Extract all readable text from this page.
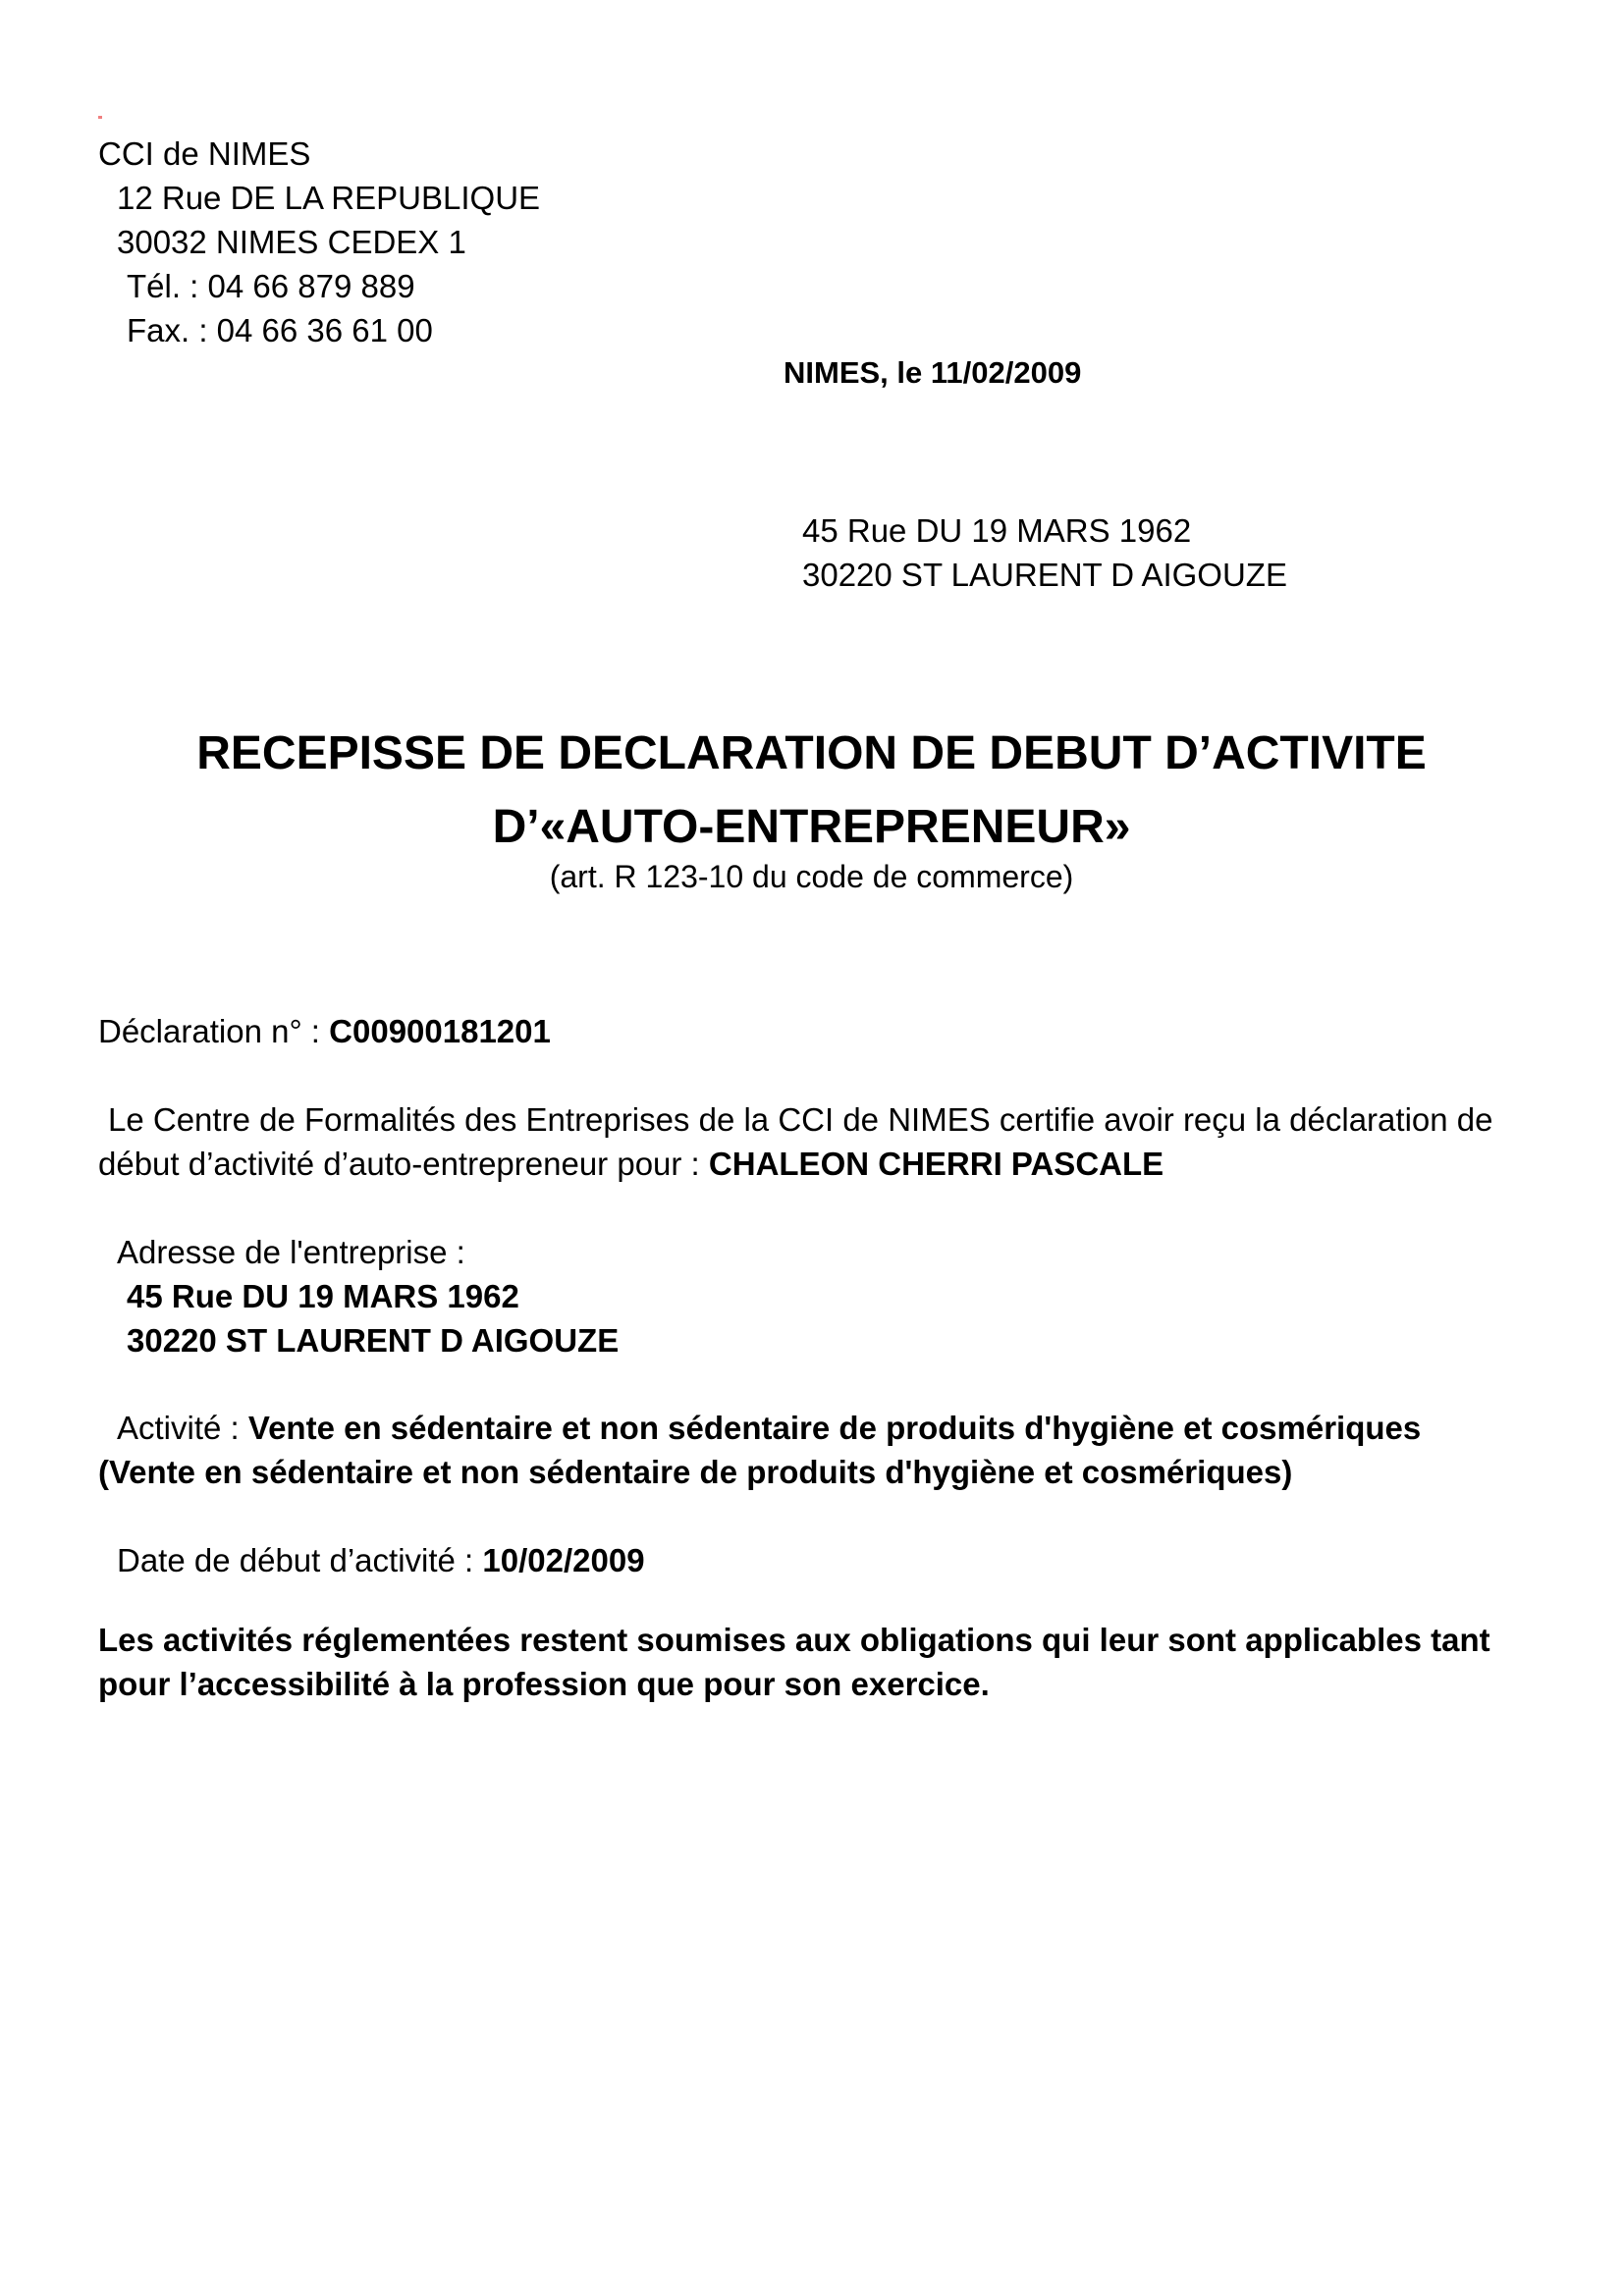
CCI de NIMES
12 Rue DE LA REPUBLIQUE
30032 NIMES CEDEX 1
Tél. : 04 66 879 889
Fax. : 04 66 36 61 00
NIMES, le 11/02/2009
45 Rue DU 19 MARS 1962
30220 ST LAURENT D AIGOUZE
RECEPISSE DE DECLARATION DE DEBUT D’ACTIVITE
D’«AUTO-ENTREPRENEUR»
(art. R 123-10 du code de commerce)
Déclaration n° : C00900181201
Le Centre de Formalités des Entreprises de la CCI de NIMES certifie avoir reçu la déclaration de
début d’activité d’auto-entrepreneur pour : CHALEON CHERRI PASCALE
Adresse de l'entreprise :
45 Rue DU 19 MARS 1962
30220 ST LAURENT D AIGOUZE
Activité : Vente en sédentaire et non sédentaire de produits d'hygiène et cosmériques
(Vente en sédentaire et non sédentaire de produits d'hygiène et cosmériques)
Date de début d’activité : 10/02/2009
Les activités réglementées restent soumises aux obligations qui leur sont applicables tant
pour l’accessibilité à la profession que pour son exercice.
